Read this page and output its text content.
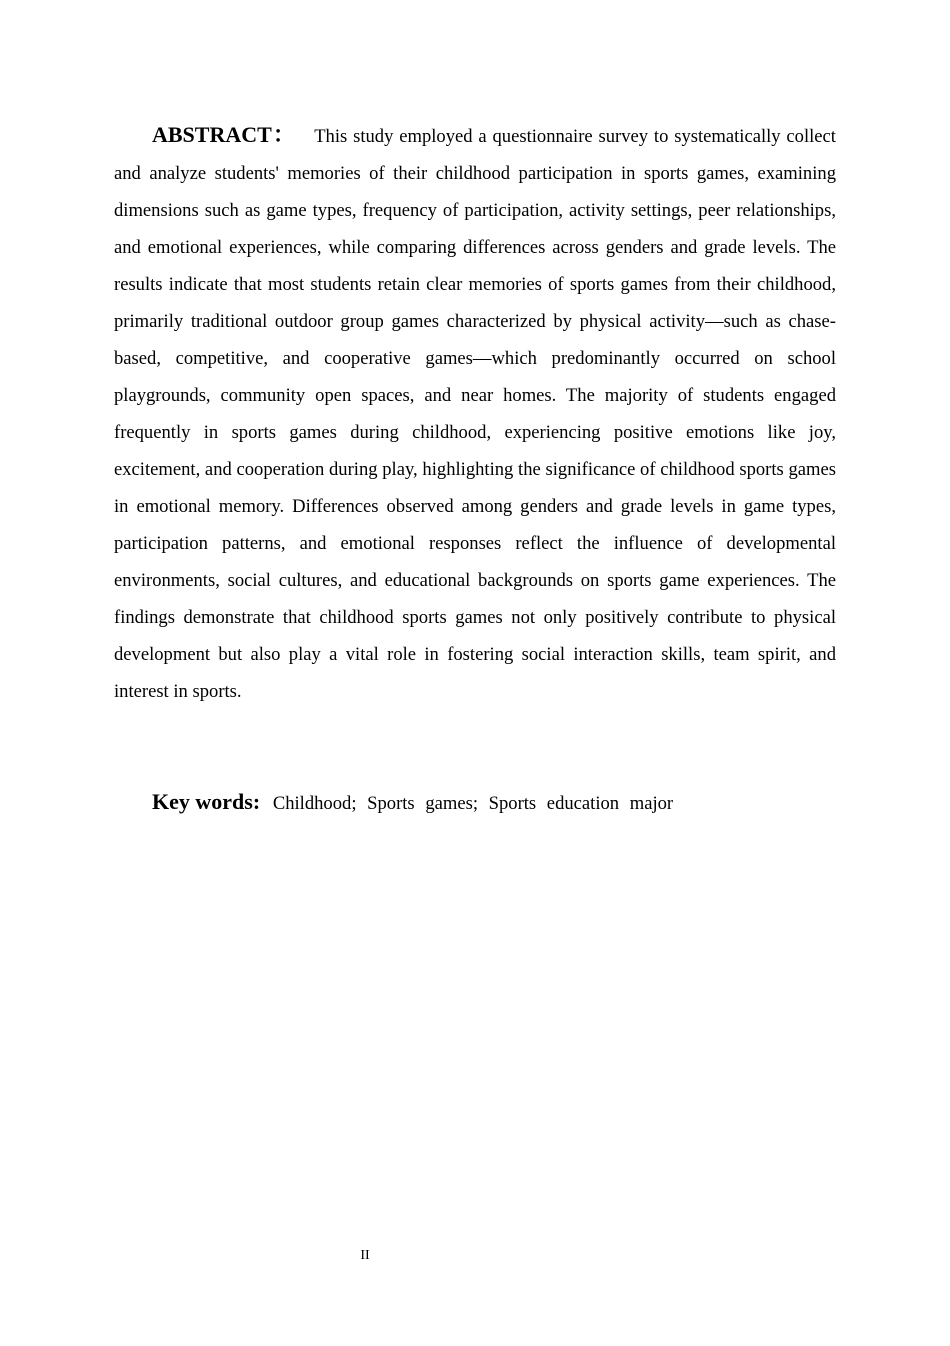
ABSTRACT： This study employed a questionnaire survey to systematically collect and analyze students' memories of their childhood participation in sports games, examining dimensions such as game types, frequency of participation, activity settings, peer relationships, and emotional experiences, while comparing differences across genders and grade levels. The results indicate that most students retain clear memories of sports games from their childhood, primarily traditional outdoor group games characterized by physical activity—such as chase-based, competitive, and cooperative games—which predominantly occurred on school playgrounds, community open spaces, and near homes. The majority of students engaged frequently in sports games during childhood, experiencing positive emotions like joy, excitement, and cooperation during play, highlighting the significance of childhood sports games in emotional memory. Differences observed among genders and grade levels in game types, participation patterns, and emotional responses reflect the influence of developmental environments, social cultures, and educational backgrounds on sports game experiences. The findings demonstrate that childhood sports games not only positively contribute to physical development but also play a vital role in fostering social interaction skills, team spirit, and interest in sports.

Key words: Childhood; Sports games; Sports education major
II
